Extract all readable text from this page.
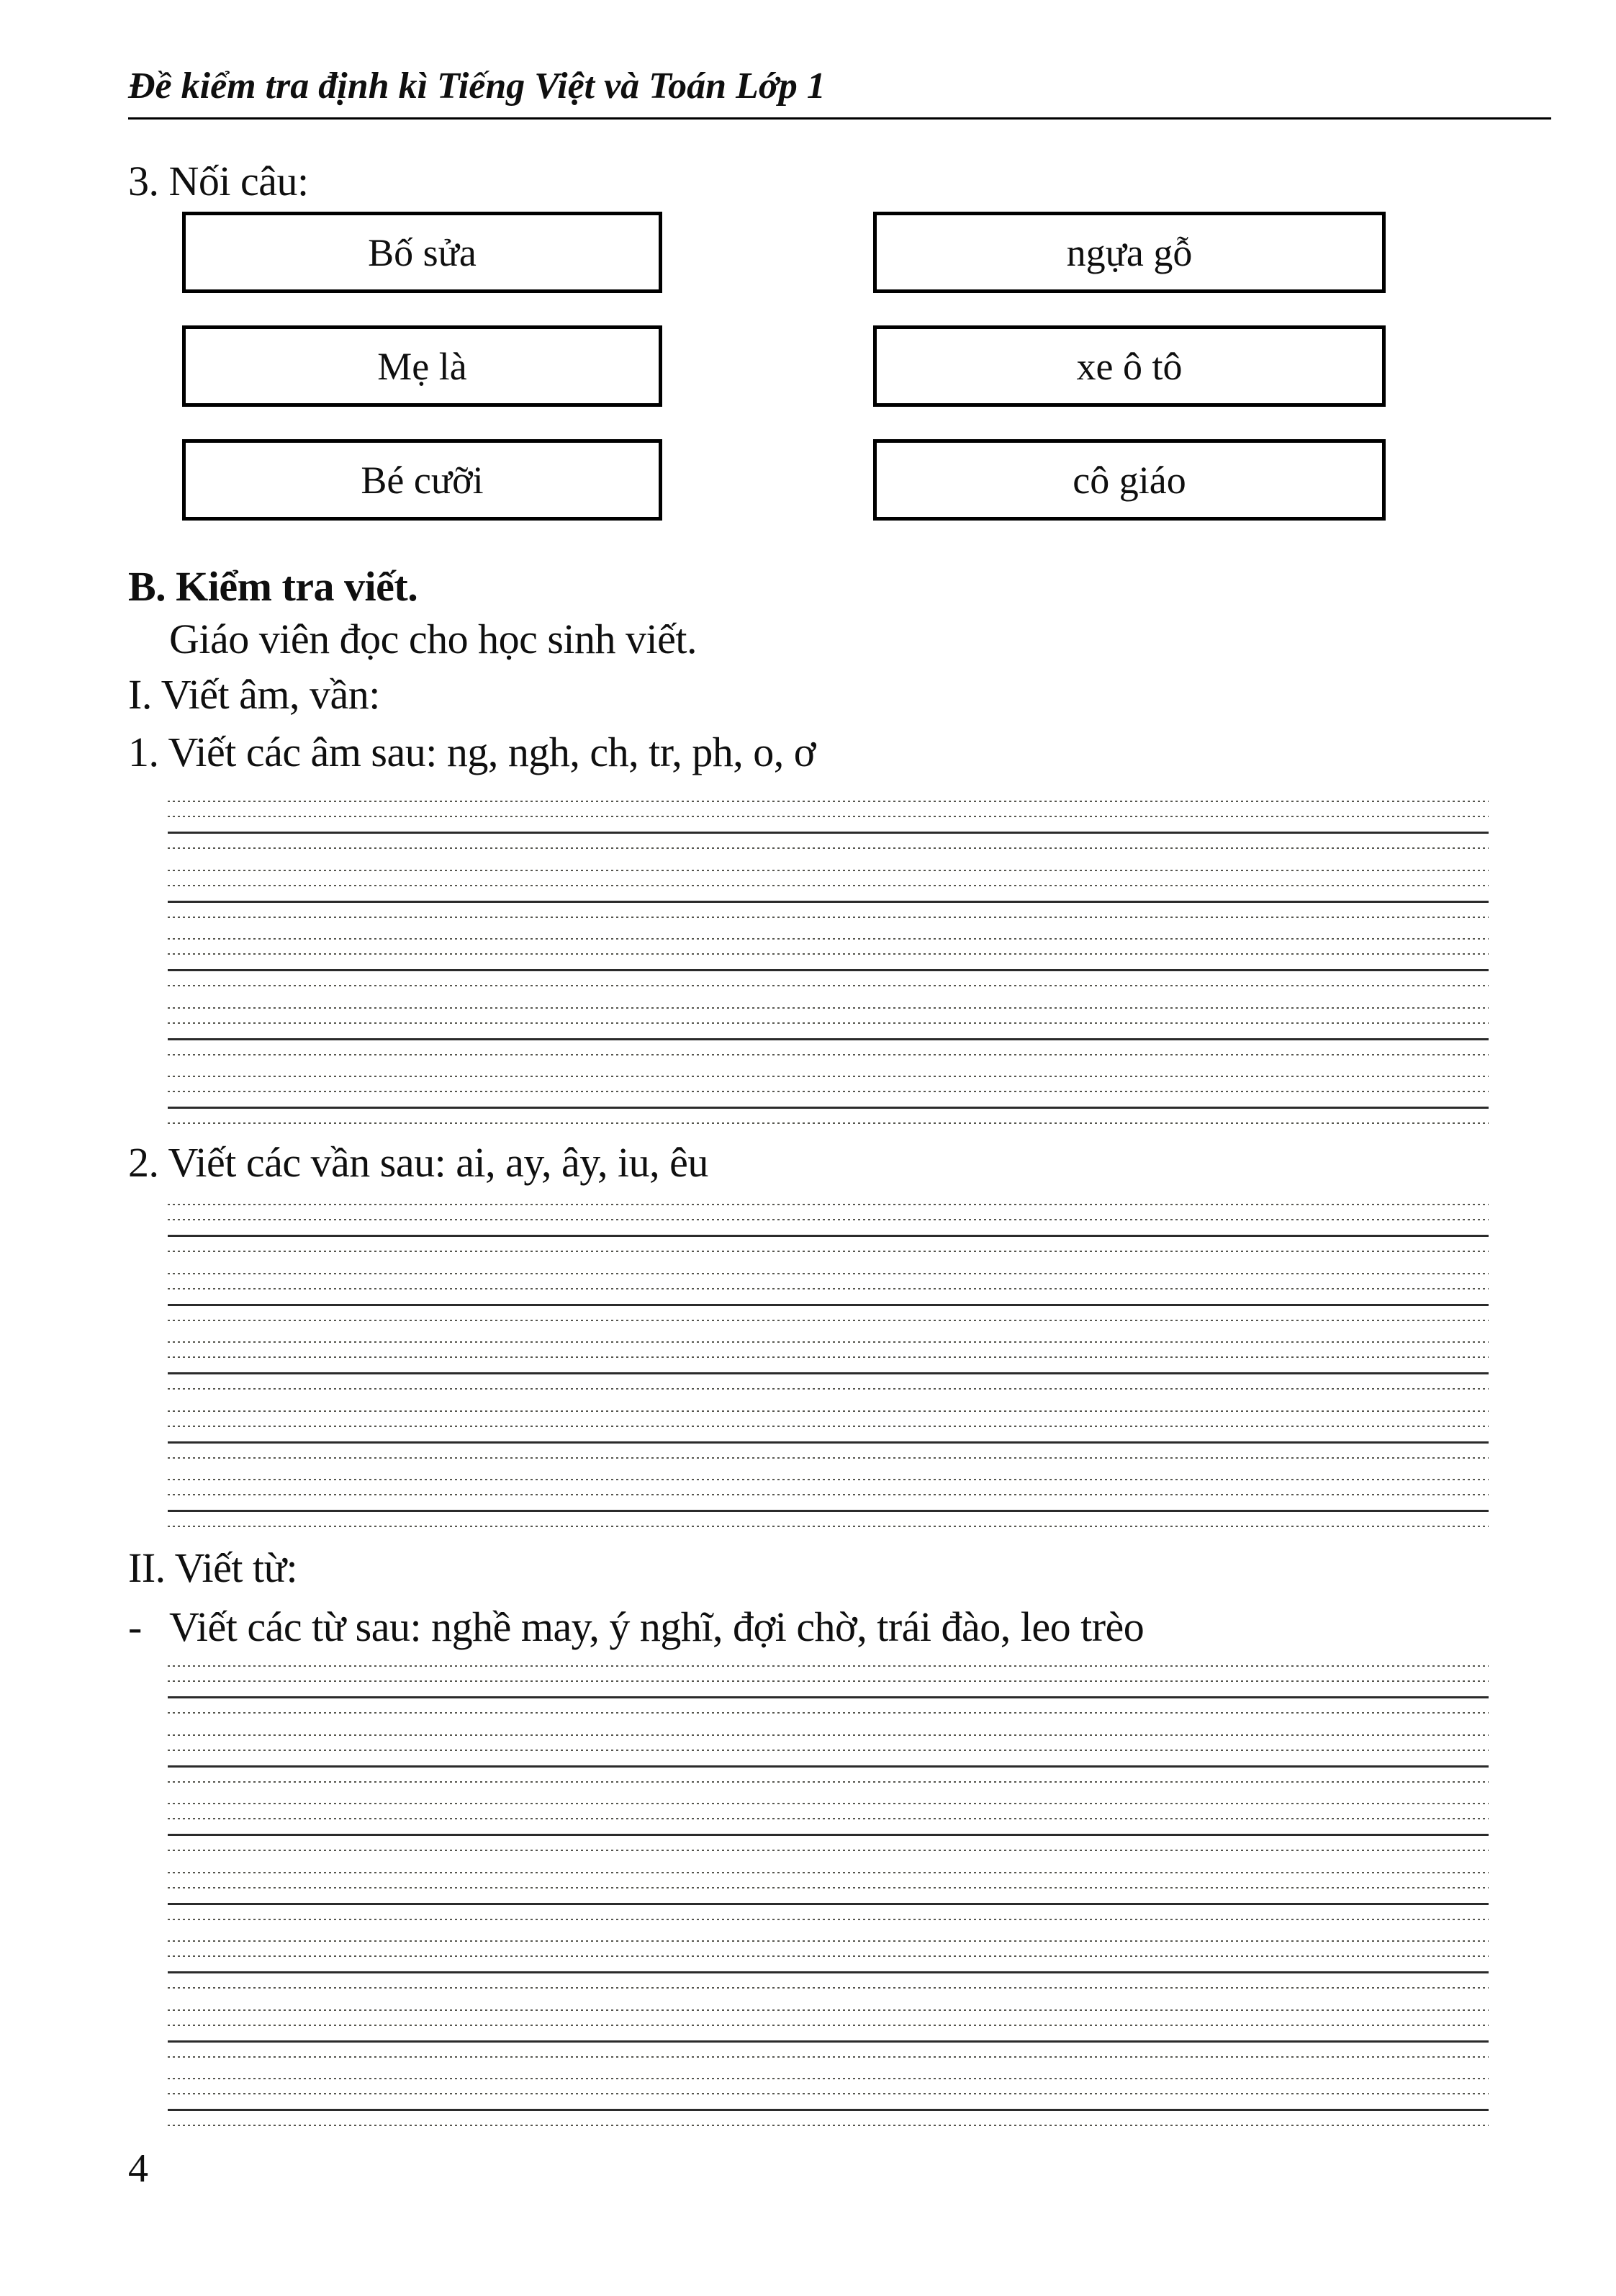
Đề kiểm tra định kì Tiếng Việt và Toán Lớp 1
3. Nối câu:
Bố sửa
Mẹ là
Bé cưỡi
ngựa gỗ
xe ô tô
cô giáo
B. Kiểm tra viết.
Giáo viên đọc cho học sinh viết.
I. Viết âm, vần:
1. Viết các âm sau: ng, ngh, ch, tr, ph, o, ơ
2. Viết các vần sau: ai, ay, ây, iu, êu
II. Viết từ:
- Viết các từ sau: nghề may, ý nghĩ, đợi chờ, trái đào, leo trèo
4
